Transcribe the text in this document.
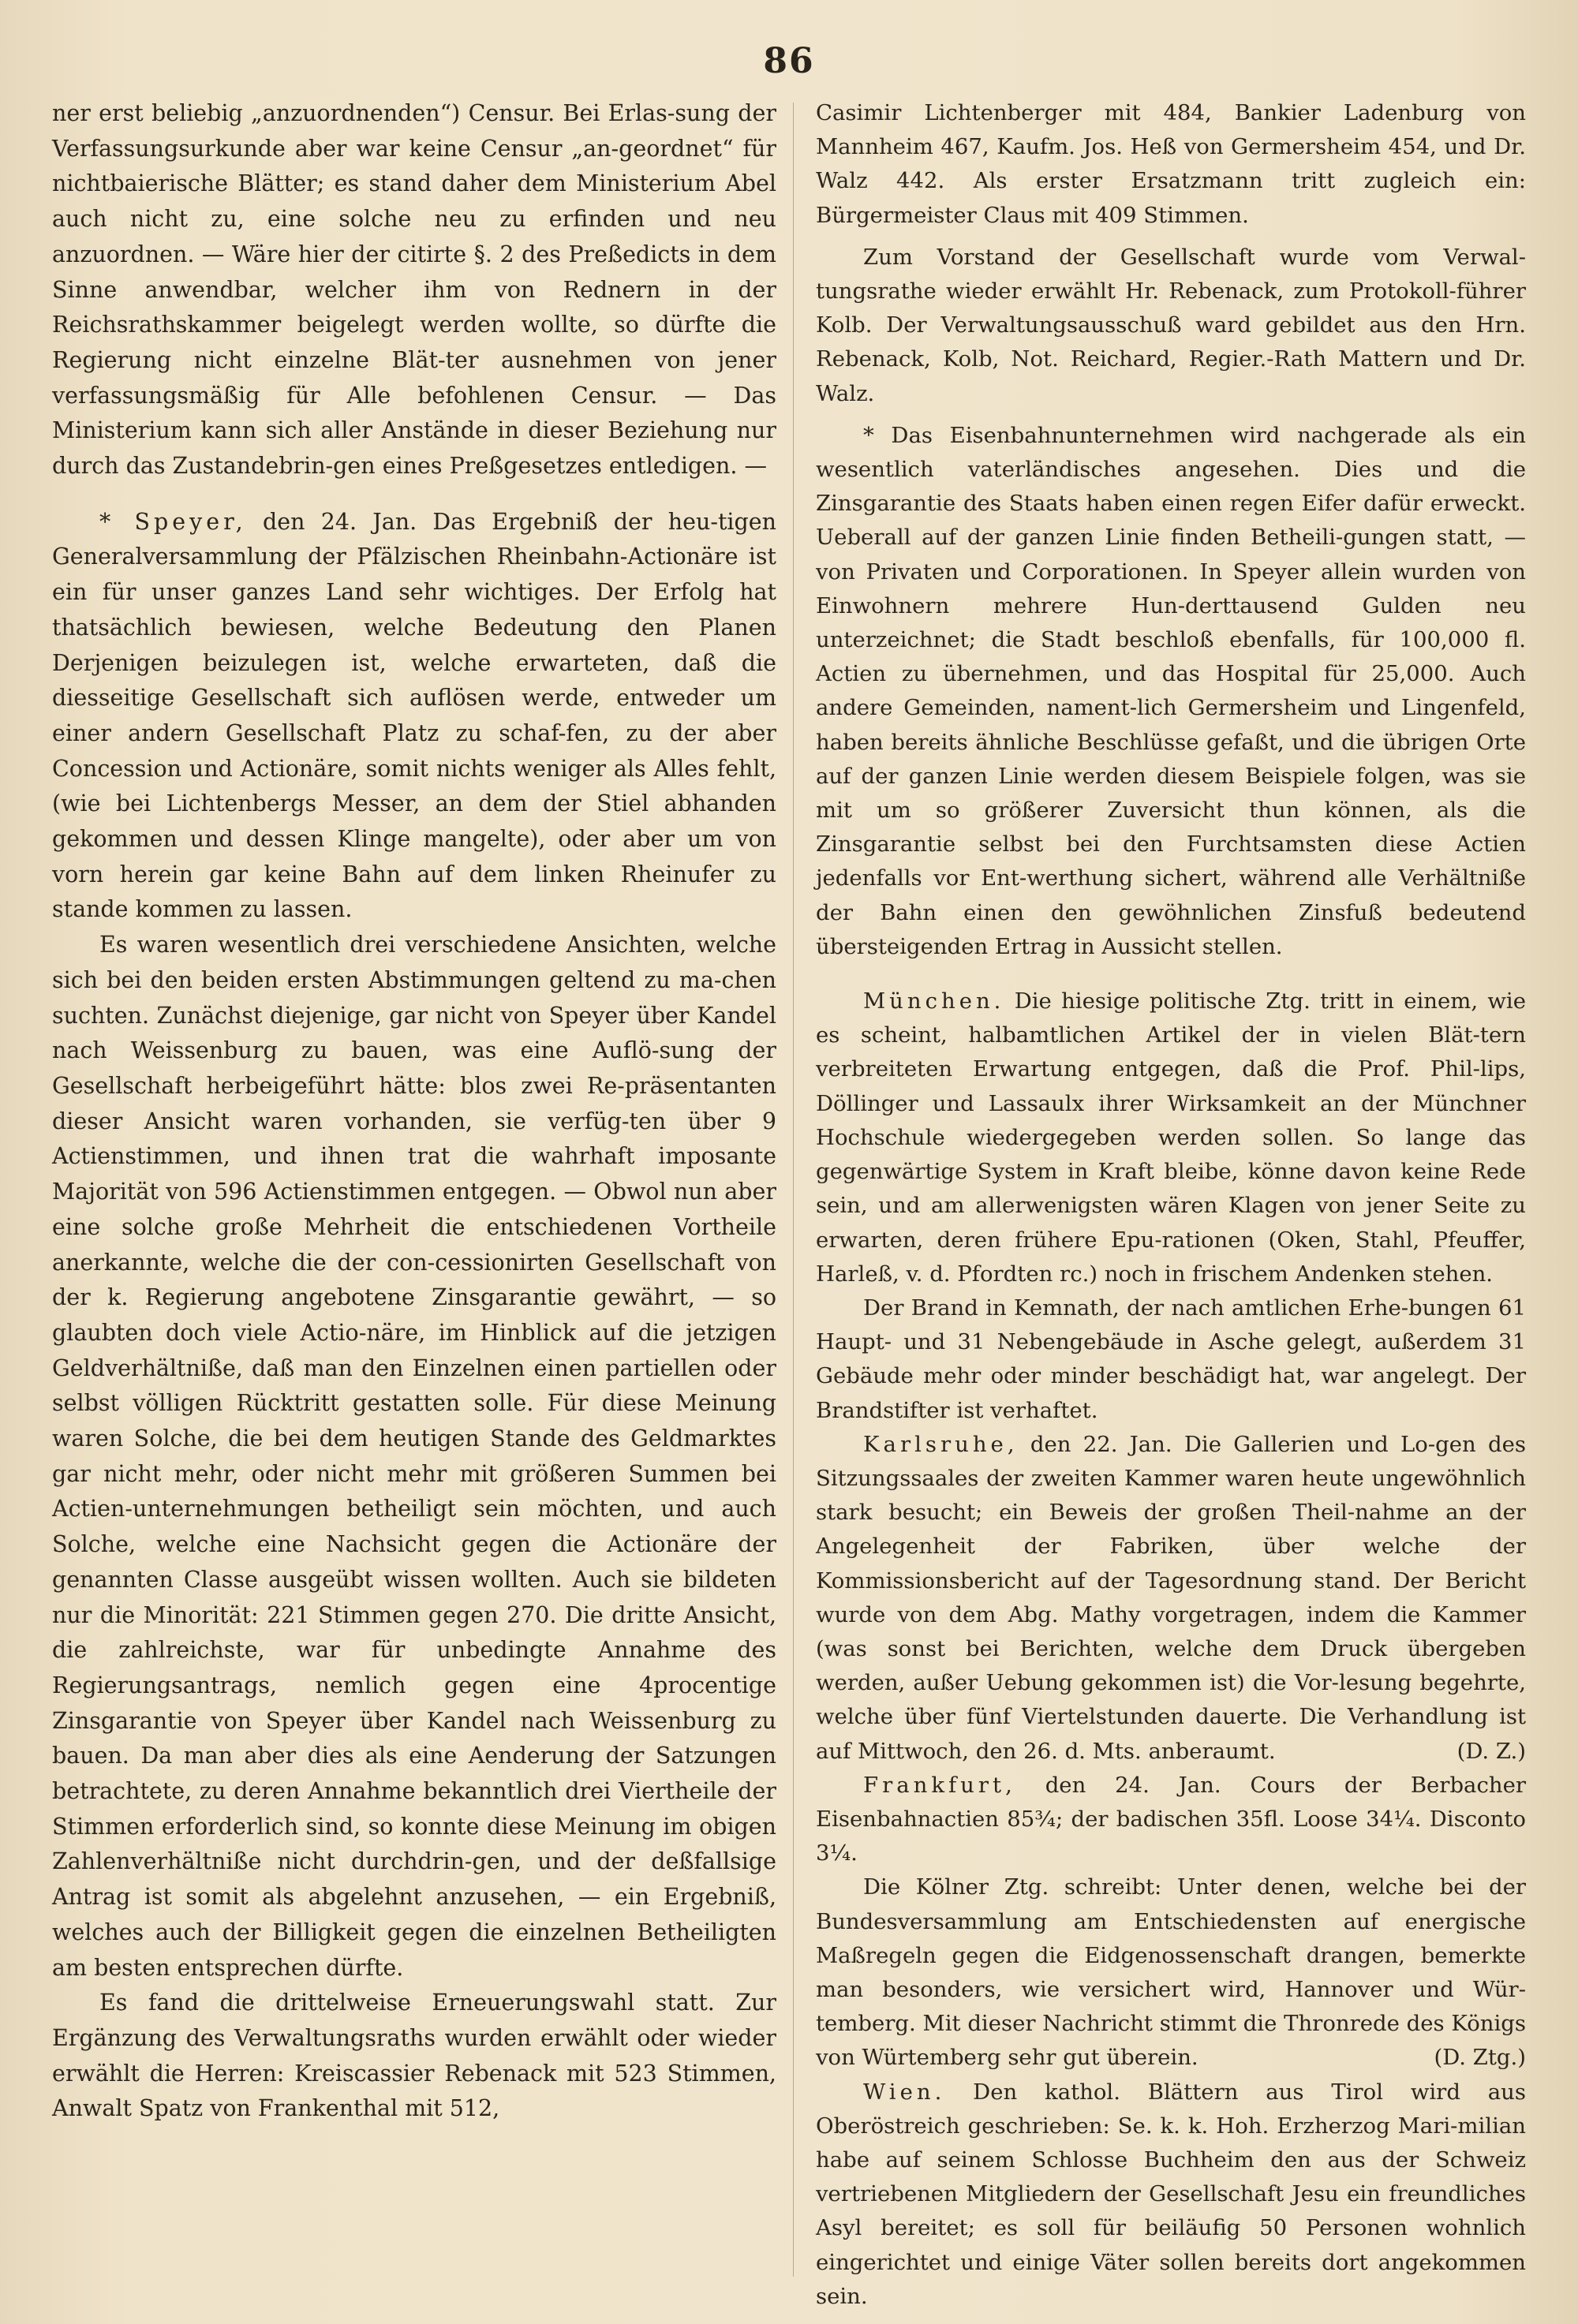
86

ner erst beliebig „anzuordnenden“) Censur. Bei Erlas-sung der Verfassungsurkunde aber war keine Censur „an-geordnet“ für nichtbaierische Blätter; es stand daher dem Ministerium Abel auch nicht zu, eine solche neu zu erfinden und neu anzuordnen. — Wäre hier der citirte §. 2 des Preßedicts in dem Sinne anwendbar, welcher ihm von Rednern in der Reichsrathskammer beigelegt werden wollte, so dürfte die Regierung nicht einzelne Blät-ter ausnehmen von jener verfassungsmäßig für Alle befohlenen Censur. — Das Ministerium kann sich aller Anstände in dieser Beziehung nur durch das Zustandebrin-gen eines Preßgesetzes entledigen. —

* Speyer, den 24. Jan. Das Ergebniß der heu-tigen Generalversammlung der Pfälzischen Rheinbahn-Actionäre ist ein für unser ganzes Land sehr wichtiges. Der Erfolg hat thatsächlich bewiesen, welche Bedeutung den Planen Derjenigen beizulegen ist, welche erwarteten, daß die diesseitige Gesellschaft sich auflösen werde, entweder um einer andern Gesellschaft Platz zu schaf-fen, zu der aber Concession und Actionäre, somit nichts weniger als Alles fehlt, (wie bei Lichtenbergs Messer, an dem der Stiel abhanden gekommen und dessen Klinge mangelte), oder aber um von vorn herein gar keine Bahn auf dem linken Rheinufer zu stande kommen zu lassen.

Es waren wesentlich drei verschiedene Ansichten, welche sich bei den beiden ersten Abstimmungen geltend zu ma-chen suchten. Zunächst diejenige, gar nicht von Speyer über Kandel nach Weissenburg zu bauen, was eine Auflö-sung der Gesellschaft herbeigeführt hätte: blos zwei Re-präsentanten dieser Ansicht waren vorhanden, sie verfüg-ten über 9 Actienstimmen, und ihnen trat die wahrhaft imposante Majorität von 596 Actienstimmen entgegen. — Obwol nun aber eine solche große Mehrheit die entschiedenen Vortheile anerkannte, welche die der con-cessionirten Gesellschaft von der k. Regierung angebotene Zinsgarantie gewährt, — so glaubten doch viele Actio-näre, im Hinblick auf die jetzigen Geldverhältniße, daß man den Einzelnen einen partiellen oder selbst völligen Rücktritt gestatten solle. Für diese Meinung waren Solche, die bei dem heutigen Stande des Geldmarktes gar nicht mehr, oder nicht mehr mit größeren Summen bei Actien-unternehmungen betheiligt sein möchten, und auch Solche, welche eine Nachsicht gegen die Actionäre der genannten Classe ausgeübt wissen wollten. Auch sie bildeten nur die Minorität: 221 Stimmen gegen 270. Die dritte Ansicht, die zahlreichste, war für unbedingte Annahme des Regierungsantrags, nemlich gegen eine 4procentige Zinsgarantie von Speyer über Kandel nach Weissenburg zu bauen. Da man aber dies als eine Aenderung der Satzungen betrachtete, zu deren Annahme bekanntlich drei Viertheile der Stimmen erforderlich sind, so konnte diese Meinung im obigen Zahlenverhältniße nicht durchdrin-gen, und der deßfallsige Antrag ist somit als abgelehnt anzusehen, — ein Ergebniß, welches auch der Billigkeit gegen die einzelnen Betheiligten am besten entsprechen dürfte.

Es fand die drittelweise Erneuerungswahl statt. Zur Ergänzung des Verwaltungsraths wurden erwählt oder wieder erwählt die Herren: Kreiscassier Rebenack mit 523 Stimmen, Anwalt Spatz von Frankenthal mit 512,

Casimir Lichtenberger mit 484, Bankier Ladenburg von Mannheim 467, Kaufm. Jos. Heß von Germersheim 454, und Dr. Walz 442. Als erster Ersatzmann tritt zugleich ein: Bürgermeister Claus mit 409 Stimmen.

Zum Vorstand der Gesellschaft wurde vom Verwal-tungsrathe wieder erwählt Hr. Rebenack, zum Protokoll-führer Kolb. Der Verwaltungsausschuß ward gebildet aus den Hrn. Rebenack, Kolb, Not. Reichard, Regier.-Rath Mattern und Dr. Walz.

* Das Eisenbahnunternehmen wird nachgerade als ein wesentlich vaterländisches angesehen. Dies und die Zinsgarantie des Staats haben einen regen Eifer dafür erweckt. Ueberall auf der ganzen Linie finden Betheili-gungen statt, — von Privaten und Corporationen. In Speyer allein wurden von Einwohnern mehrere Hun-derttausend Gulden neu unterzeichnet; die Stadt beschloß ebenfalls, für 100,000 fl. Actien zu übernehmen, und das Hospital für 25,000. Auch andere Gemeinden, nament-lich Germersheim und Lingenfeld, haben bereits ähnliche Beschlüsse gefaßt, und die übrigen Orte auf der ganzen Linie werden diesem Beispiele folgen, was sie mit um so größerer Zuversicht thun können, als die Zinsgarantie selbst bei den Furchtsamsten diese Actien jedenfalls vor Ent-werthung sichert, während alle Verhältniße der Bahn einen den gewöhnlichen Zinsfuß bedeutend übersteigenden Ertrag in Aussicht stellen.

München. Die hiesige politische Ztg. tritt in einem, wie es scheint, halbamtlichen Artikel der in vielen Blät-tern verbreiteten Erwartung entgegen, daß die Prof. Phil-lips, Döllinger und Lassaulx ihrer Wirksamkeit an der Münchner Hochschule wiedergegeben werden sollen. So lange das gegenwärtige System in Kraft bleibe, könne davon keine Rede sein, und am allerwenigsten wären Klagen von jener Seite zu erwarten, deren frühere Epu-rationen (Oken, Stahl, Pfeuffer, Harleß, v. d. Pfordten rc.) noch in frischem Andenken stehen.

Der Brand in Kemnath, der nach amtlichen Erhe-bungen 61 Haupt- und 31 Nebengebäude in Asche gelegt, außerdem 31 Gebäude mehr oder minder beschädigt hat, war angelegt. Der Brandstifter ist verhaftet.

Karlsruhe, den 22. Jan. Die Gallerien und Lo-gen des Sitzungssaales der zweiten Kammer waren heute ungewöhnlich stark besucht; ein Beweis der großen Theil-nahme an der Angelegenheit der Fabriken, über welche der Kommissionsbericht auf der Tagesordnung stand. Der Bericht wurde von dem Abg. Mathy vorgetragen, indem die Kammer (was sonst bei Berichten, welche dem Druck übergeben werden, außer Uebung gekommen ist) die Vor-lesung begehrte, welche über fünf Viertelstunden dauerte. Die Verhandlung ist auf Mittwoch, den 26. d. Mts. anberaumt.	(D. Z.)

Frankfurt, den 24. Jan. Cours der Berbacher Eisenbahnactien 85¾; der badischen 35fl. Loose 34¼. Disconto 3¼.

Die Kölner Ztg. schreibt: Unter denen, welche bei der Bundesversammlung am Entschiedensten auf energische Maßregeln gegen die Eidgenossenschaft drangen, bemerkte man besonders, wie versichert wird, Hannover und Wür-temberg. Mit dieser Nachricht stimmt die Thronrede des Königs von Würtemberg sehr gut überein.	(D. Ztg.)

Wien. Den kathol. Blättern aus Tirol wird aus Oberöstreich geschrieben: Se. k. k. Hoh. Erzherzog Mari-milian habe auf seinem Schlosse Buchheim den aus der Schweiz vertriebenen Mitgliedern der Gesellschaft Jesu ein freundliches Asyl bereitet; es soll für beiläufig 50 Personen wohnlich eingerichtet und einige Väter sollen bereits dort angekommen sein.
